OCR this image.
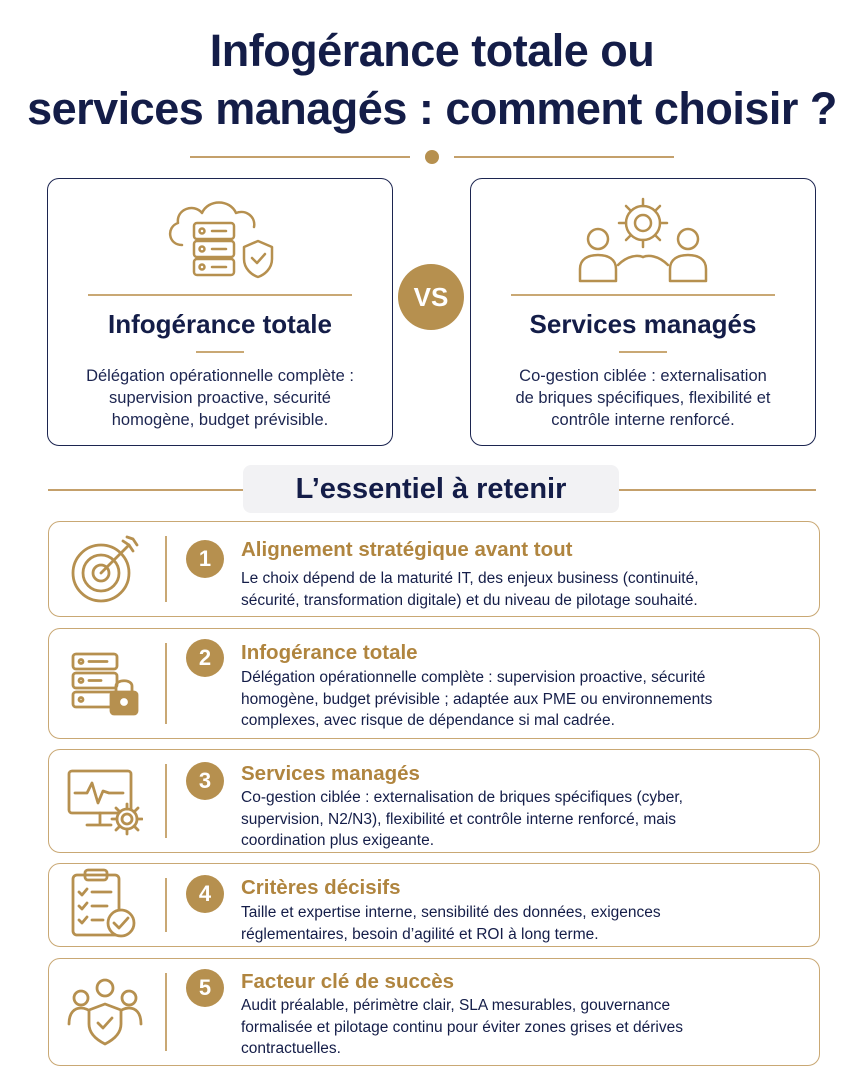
Infogérance totale ou
services managés : comment choisir ?
Infogérance totale
Délégation opérationnelle complète :
supervision proactive, sécurité
homogène, budget prévisible.
VS
Services managés
Co-gestion ciblée : externalisation
de briques spécifiques, flexibilité et
contrôle interne renforcé.
L’essentiel à retenir
1	Alignement stratégique avant tout
Le choix dépend de la maturité IT, des enjeux business (continuité,
sécurité, transformation digitale) et du niveau de pilotage souhaité.
2	Infogérance totale
Délégation opérationnelle complète : supervision proactive, sécurité
homogène, budget prévisible ; adaptée aux PME ou environnements
complexes, avec risque de dépendance si mal cadrée.
3	Services managés
Co-gestion ciblée : externalisation de briques spécifiques (cyber,
supervision, N2/N3), flexibilité et contrôle interne renforcé, mais
coordination plus exigeante.
4	Critères décisifs
Taille et expertise interne, sensibilité des données, exigences
réglementaires, besoin d’agilité et ROI à long terme.
5	Facteur clé de succès
Audit préalable, périmètre clair, SLA mesurables, gouvernance
formalisée et pilotage continu pour éviter zones grises et dérives
contractuelles.
